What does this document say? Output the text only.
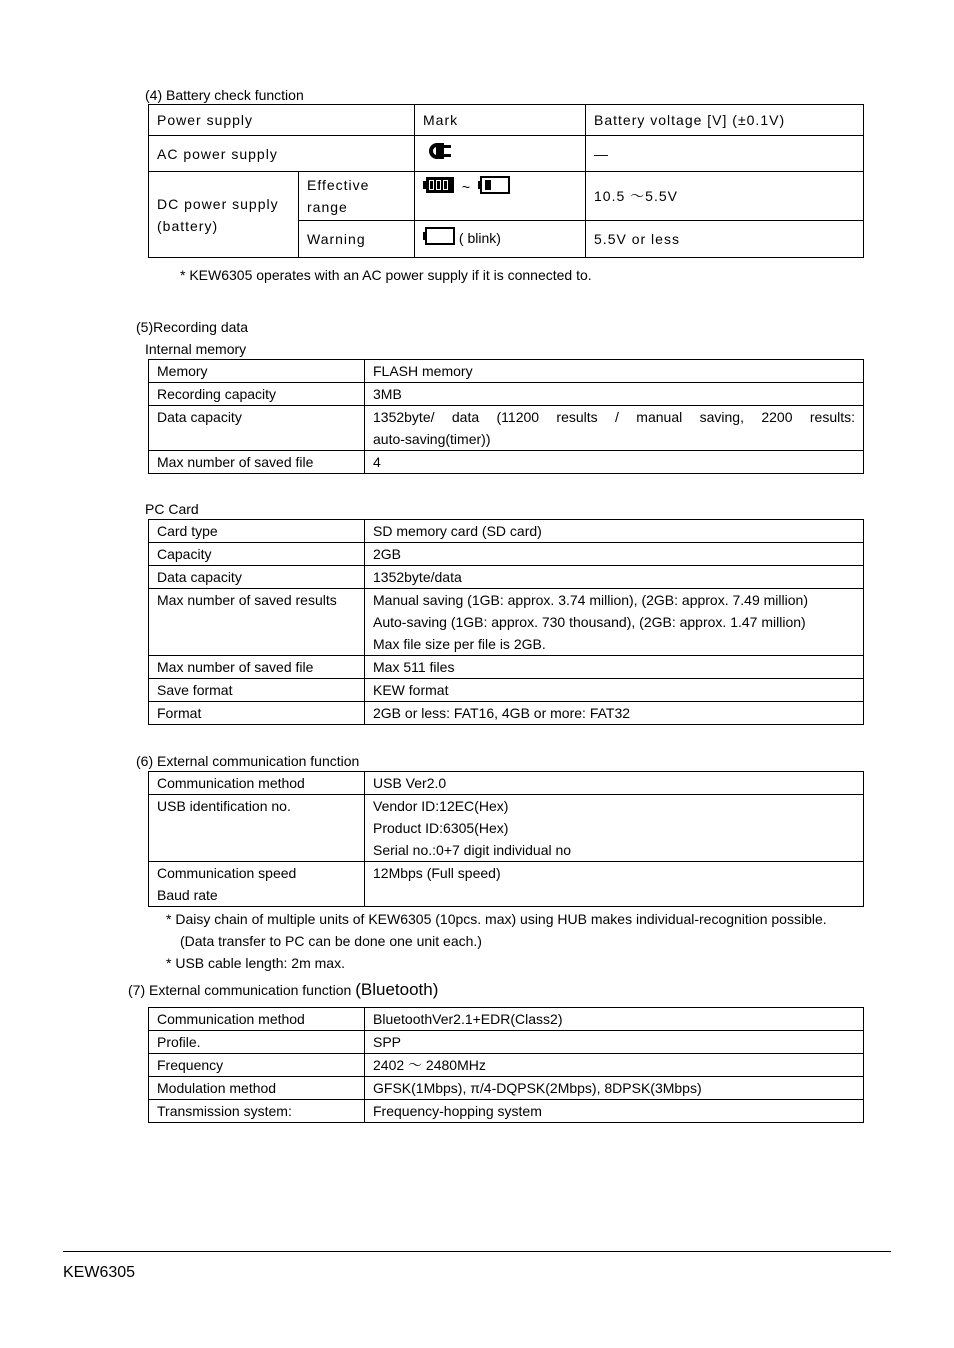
(4) Battery check function
Power supply		Mark	Battery voltage [V] (±0.1V)
AC power supply			—
DC power supply (battery)	Effective range	~	10.5 ～5.5V
	Warning	( blink)	5.5V or less
* KEW6305 operates with an AC power supply if it is connected to.
(5)Recording data
Internal memory
Memory	FLASH memory
Recording capacity	3MB
Data capacity	1352byte/ data (11200 results / manual saving, 2200 results:
auto-saving(timer))

Max number of saved file	4
PC Card
Card type	SD memory card (SD card)
Capacity	2GB
Data capacity	1352byte/data
Max number of saved results	Manual saving (1GB: approx. 3.74 million), (2GB: approx. 7.49 million)
Auto-saving (1GB: approx. 730 thousand), (2GB: approx. 1.47 million)
Max file size per file is 2GB.

Max number of saved file	Max 511 files
Save format	KEW format
Format	2GB or less: FAT16, 4GB or more: FAT32
(6) External communication function
Communication method	USB Ver2.0
USB identification no.	Vendor ID:12EC(Hex)
Product ID:6305(Hex)
Serial no.:0+7 digit individual no

Communication speed
Baud rate	12Mbps (Full speed)
* Daisy chain of multiple units of KEW6305 (10pcs. max) using HUB makes individual-recognition possible.
(Data transfer to PC can be done one unit each.)
* USB cable length: 2m max.
(7) External communication function (Bluetooth)
Communication method	BluetoothVer2.1+EDR(Class2)
Profile.	SPP
Frequency	2402 ～ 2480MHz
Modulation method	GFSK(1Mbps), π/4-DQPSK(2Mbps), 8DPSK(3Mbps)
Transmission system:	Frequency-hopping system
KEW6305
